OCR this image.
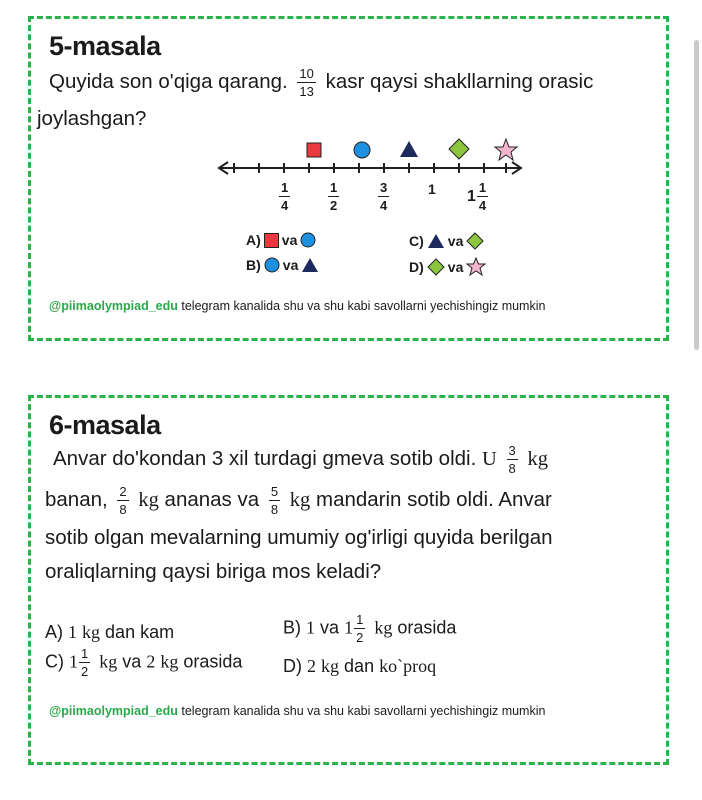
5-masala
Quyida son o'qiga qarang. $\frac{10}{13}$ kasr qaysi shakllarning orasic
joylashgan?
$\frac{1}{4}$	$\frac{1}{2}$	$\frac{3}{4}$	1 $1 \frac{1}{4}$
A) va
B) va
C) va
D) va
@piimaolympiad_edu telegram kanalida shu va shu kabi savollarni yechishingiz mumkin
6-masala
Anvar do'kondan 3 xil turdagi gmeva sotib oldi. U $\frac{3}{8}$ kg
banan, $\frac{2}{8}$ kg ananas va $\frac{5}{8}$ kg mandarin sotib oldi. Anvar
sotib olgan mevalarning umumiy og'irligi quyida berilgan
oraliqlarning qaysi biriga mos keladi?
A) 1 kg dan kam	B) 1 va $1 \frac{1}{2}$ kg orasida
C) $1 \frac{1}{2}$ kg va 2 kg orasida D) 2 kg dan ko`proq
@piimaolympiad_edu telegram kanalida shu va shu kabi savollarni yechishingiz mumkin
